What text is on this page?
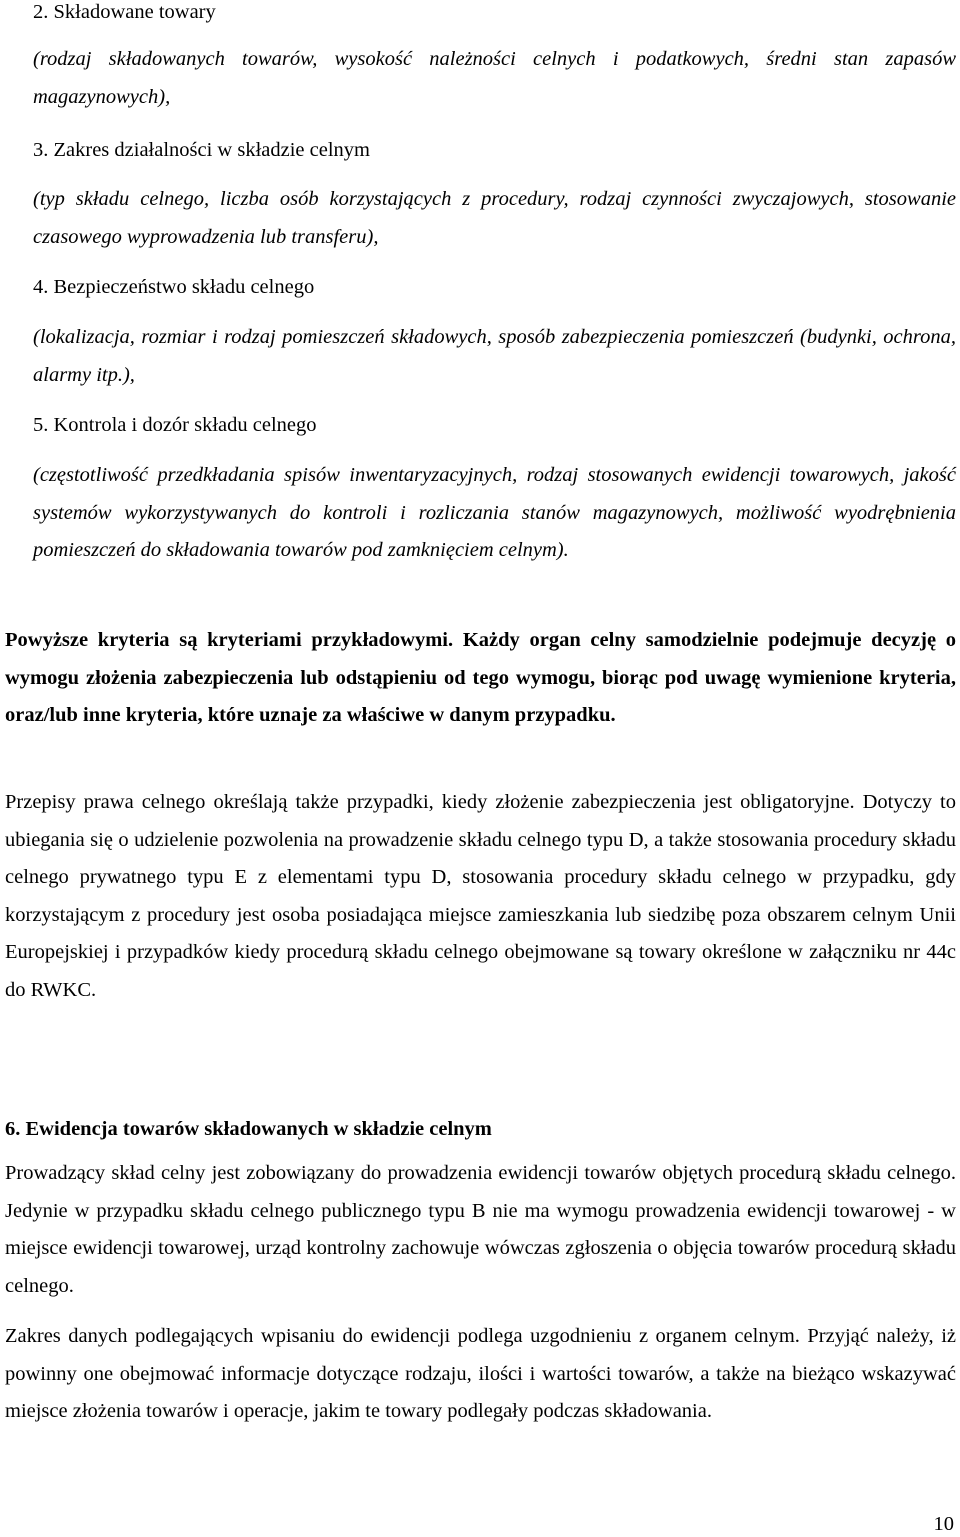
2. Składowane towary

(rodzaj składowanych towarów, wysokość należności celnych i podatkowych, średni stan zapasów magazynowych),

3. Zakres działalności w składzie celnym

(typ składu celnego, liczba osób korzystających z procedury, rodzaj czynności zwyczajowych, stosowanie czasowego wyprowadzenia lub transferu),

4. Bezpieczeństwo składu celnego

(lokalizacja, rozmiar i rodzaj pomieszczeń składowych, sposób zabezpieczenia pomieszczeń (budynki, ochrona, alarmy itp.),

5. Kontrola i dozór składu celnego

(częstotliwość przedkładania spisów inwentaryzacyjnych, rodzaj stosowanych ewidencji towarowych, jakość systemów wykorzystywanych do kontroli i rozliczania stanów magazynowych, możliwość wyodrębnienia pomieszczeń do składowania towarów pod zamknięciem celnym).

Powyższe kryteria są kryteriami przykładowymi. Każdy organ celny samodzielnie podejmuje decyzję o wymogu złożenia zabezpieczenia lub odstąpieniu od tego wymogu, biorąc pod uwagę wymienione kryteria, oraz/lub inne kryteria, które uznaje za właściwe w danym przypadku.

Przepisy prawa celnego określają także przypadki, kiedy złożenie zabezpieczenia jest obligatoryjne. Dotyczy to ubiegania się o udzielenie pozwolenia na prowadzenie składu celnego typu D, a także stosowania procedury składu celnego prywatnego typu E z elementami typu D, stosowania procedury składu celnego w przypadku, gdy korzystającym z procedury jest osoba posiadająca miejsce zamieszkania lub siedzibę poza obszarem celnym Unii Europejskiej i przypadków kiedy procedurą składu celnego obejmowane są towary określone w załączniku nr 44c do RWKC.

6. Ewidencja towarów składowanych w składzie celnym

Prowadzący skład celny jest zobowiązany do prowadzenia ewidencji towarów objętych procedurą składu celnego. Jedynie w przypadku składu celnego publicznego typu B nie ma wymogu prowadzenia ewidencji towarowej - w miejsce ewidencji towarowej, urząd kontrolny zachowuje wówczas zgłoszenia o objęcia towarów procedurą składu celnego.

Zakres danych podlegających wpisaniu do ewidencji podlega uzgodnieniu z organem celnym. Przyjąć należy, iż powinny one obejmować informacje dotyczące rodzaju, ilości i wartości towarów, a także na bieżąco wskazywać miejsce złożenia towarów i operacje, jakim te towary podlegały podczas składowania.

10
